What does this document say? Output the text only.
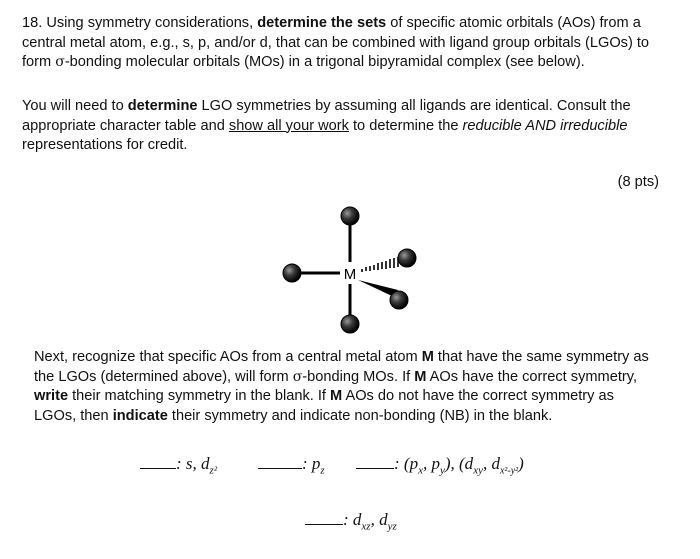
18. Using symmetry considerations, determine the sets of specific atomic orbitals (AOs) from a
central metal atom, e.g., s, p, and/or d, that can be combined with ligand group orbitals (LGOs) to
form σ-bonding molecular orbitals (MOs) in a trigonal bipyramidal complex (see below).

You will need to determine LGO symmetries by assuming all ligands are identical. Consult the
appropriate character table and show all your work to determine the reducible AND irreducible
representations for credit.

(8 pts)
M

Next, recognize that specific AOs from a central metal atom M that have the same symmetry as
the LGOs (determined above), will form σ-bonding MOs. If M AOs have the correct symmetry,
write their matching symmetry in the blank. If M AOs do not have the correct symmetry as
LGOs, then indicate their symmetry and indicate non-bonding (NB) in the blank.

: s, $d_{z^2}$	: $p_z$	: ($p_x$, $p_y$), ($d_{xy}$, $d_{x^2-y^2}$)
: $d_{xz}$, $d_{yz}$
